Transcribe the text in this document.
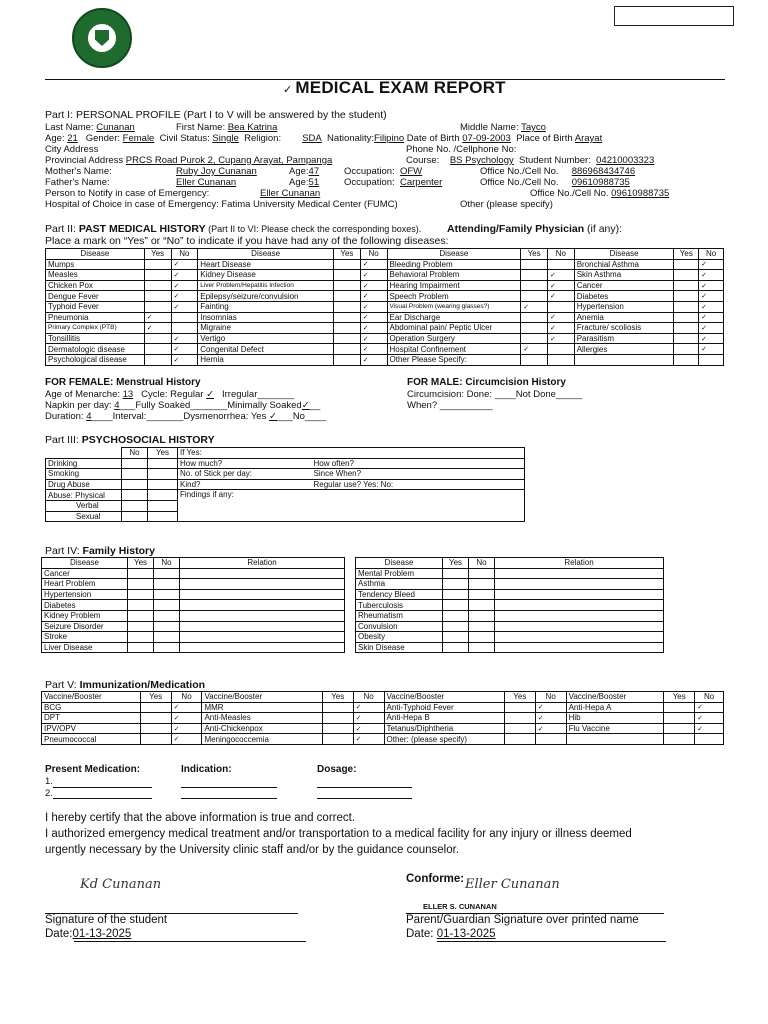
✓ MEDICAL EXAM REPORT
Part I: PERSONAL PROFILE (Part I to V will be answered by the student)
Last Name: Cunanan	First Name: Bea Katrina	Middle Name: Tayco
Age: 21 Gender: Female Civil Status: Single Religion: SDA Nationality:Filipino Date of Birth 07-09-2003 Place of Birth Arayat
City Address	Phone No. /Cellphone No:
Provincial Address PRCS Road Purok 2, Cupang Arayat, Pampanga	Course: BS Psychology Student Number: 04210003323
Mother's Name:	Ruby Joy Cunanan	Age:47	Occupation: OFW	Office No./Cell No. 886968434746
Father's Name:	Eller Cunanan	Age:51	Occupation: Carpenter	Office No./Cell No. 09610988735
Person to Notify in case of Emergency:	Eller Cunanan	Office No./Cell No. 09610988735
Hospital of Choice in case of Emergency: Fatima University Medical Center (FUMC)	Other (please specify)
Part II: PAST MEDICAL HISTORY (Part II to VI: Please check the corresponding boxes). Attending/Family Physician (if any):
Place a mark on “Yes” or “No” to indicate if you have had any of the following diseases:
Disease	Yes	No	Disease	Yes	No	Disease	Yes	No	Disease	Yes	No
Mumps		✓	Heart Disease		✓	Bleeding Problem			Bronchial Asthma		✓
Measles		✓	Kidney Disease		✓	Behavioral Problem		✓	Skin Asthma		✓
Chicken Pox		✓	Liver Problem/Hepatitis Infection		✓	Hearing Impairment		✓	Cancer		✓
Dengue Fever		✓	Epilepsy/seizure/convulsion		✓	Speech Problem		✓	Diabetes		✓
Typhoid Fever		✓	Fainting		✓	Visual Problem (wearing glasses?)	✓		Hypertension		✓
Pneumonia	✓		Insomnias		✓	Ear Discharge		✓	Anemia		✓
Primary Complex (PTB)	✓		Migraine		✓	Abdominal pain/ Peptic Ulcer		✓	Fracture/ scoliosis		✓
Tonsillitis		✓	Vertigo		✓	Operation Surgery		✓	Parasitism		✓
Dermatologic disease		✓	Congenital Defect		✓	Hospital Confinement	✓		Allergies		✓
Psychological disease		✓	Hernia		✓	Other Please Specify:					
FOR FEMALE: Menstrual History
Age of Menarche: 13 Cycle: Regular ✓ Irregular_______
Napkin per day: 4___Fully Soaked_______Minimally Soaked✓__
Duration: 4____Interval:_______Dysmenorrhea: Yes ✓___No____
FOR MALE: Circumcision History
Circumcision: Done: ____Not Done_____
When? __________
Part III: PSYCHOSOCIAL HISTORY
	No	Yes	If Yes:	
Drinking			How much?	How often?
Smoking			No. of Stick per day:	Since When?
Drug Abuse			Kind?	Regular use? Yes: No:
Abuse: Physical			Findings if any:	
Verbal				
Sexual				
Part IV: Family History
Disease	Yes	No	Relation
Cancer			
Heart Problem			
Hypertension			
Diabetes			
Kidney Problem			
Seizure Disorder			
Stroke			
Liver Disease			
Disease	Yes	No	Relation
Mental Problem			
Asthma			
Tendency Bleed			
Tuberculosis			
Rheumatism			
Convulsion			
Obesity			
Skin Disease			
Part V: Immunization/Medication
Vaccine/Booster	Yes	No	Vaccine/Booster	Yes	No	Vaccine/Booster	Yes	No	Vaccine/Booster	Yes	No
BCG		✓	MMR		✓	Anti-Typhoid Fever		✓	Anti-Hepa A		✓
DPT		✓	Anti-Measles		✓	Anti-Hepa B		✓	Hib		✓
IPV/OPV		✓	Anti-Chickenpox		✓	Tetanus/Diphtheria		✓	Flu Vaccine		✓
Pneumococcal		✓	Meningococcemia		✓	Other: (please specify)					
Present Medication:	Indication:	Dosage:
1.
2.
I hereby certify that the above information is true and correct.
I authorized emergency medical treatment and/or transportation to a medical facility for any injury or illness deemed
urgently necessary by the University clinic staff and/or by the guidance counselor.
Kd Cunanan
Signature of the student
Date:01-13-2025
Conforme: Eller Cunanan
ELLER S. CUNANAN
Parent/Guardian Signature over printed name
Date: 01-13-2025
